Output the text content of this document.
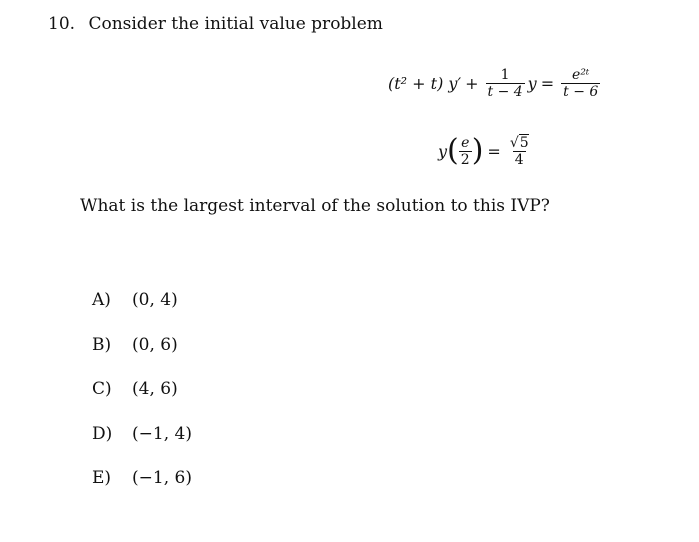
10. Consider the initial value problem
(t² + t) $y' + \frac{1}{t - 4}$ $y = \frac{\text{e²ᵗ}}{t - 6}$
y ( $\frac{e}{2}$ ) = $\frac{√5}{4}$
What is the largest interval of the solution to this IVP?
A) (0, 4)
B) (0, 6)
C) (4, 6)
D) (−1, 4)
E) (−1, 6)
